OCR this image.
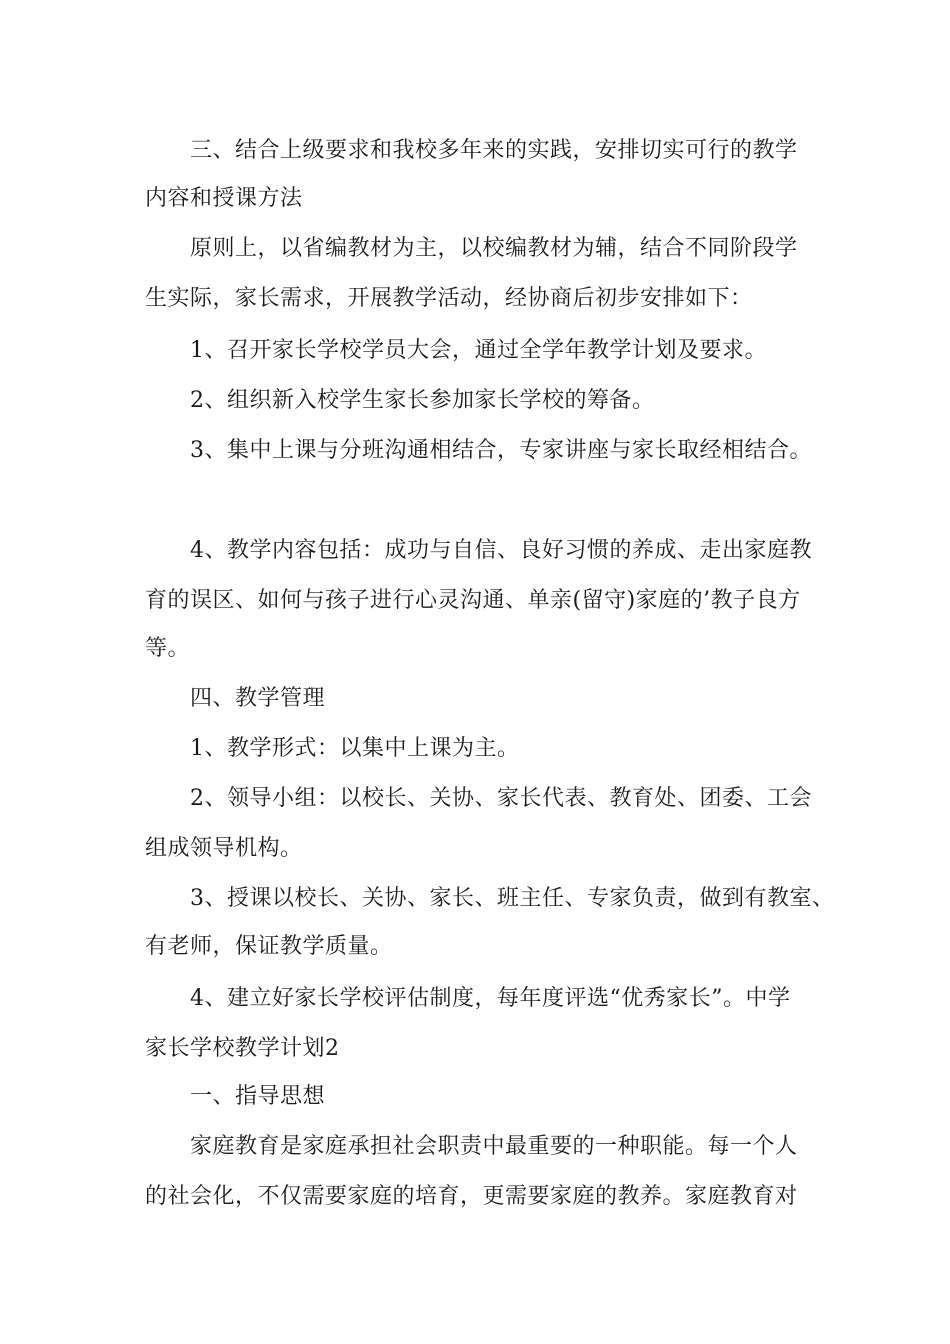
三、结合上级要求和我校多年来的实践，安排切实可行的教学
内容和授课方法
原则上，以省编教材为主，以校编教材为辅，结合不同阶段学
生实际，家长需求，开展教学活动，经协商后初步安排如下：
1、召开家长学校学员大会，通过全学年教学计划及要求。
2、组织新入校学生家长参加家长学校的筹备。
3、集中上课与分班沟通相结合，专家讲座与家长取经相结合。
4、教学内容包括：成功与自信、良好习惯的养成、走出家庭教
育的误区、如何与孩子进行心灵沟通、单亲(留守)家庭的’教子良方
等。
四、教学管理
1、教学形式：以集中上课为主。
2、领导小组：以校长、关协、家长代表、教育处、团委、工会
组成领导机构。
3、授课以校长、关协、家长、班主任、专家负责，做到有教室、
有老师，保证教学质量。
4、建立好家长学校评估制度，每年度评选“优秀家长”。中学
家长学校教学计划2
一、指导思想
家庭教育是家庭承担社会职责中最重要的一种职能。每一个人
的社会化，不仅需要家庭的培育，更需要家庭的教养。家庭教育对
